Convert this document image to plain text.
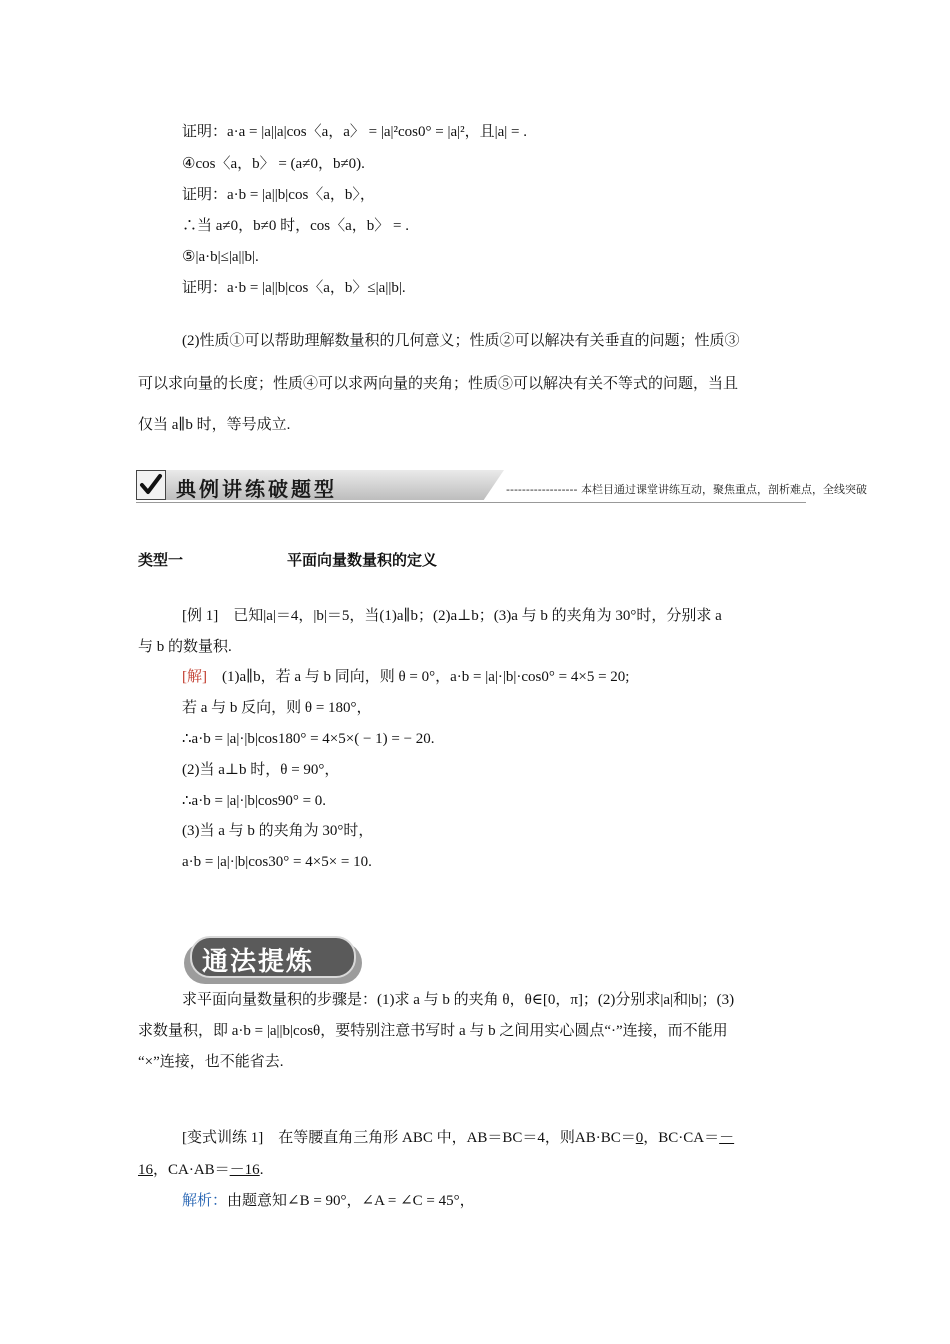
证明：a·a = |a||a|cos〈a，a〉 = |a|²cos0° = |a|²，且|a| = .
④cos〈a，b〉 = (a≠0，b≠0).
证明：a·b = |a||b|cos〈a，b〉，
∴当 a≠0，b≠0 时，cos〈a，b〉 = .
⑤|a·b|≤|a||b|.
证明：a·b = |a||b|cos〈a，b〉≤|a||b|.
(2)性质①可以帮助理解数量积的几何意义；性质②可以解决有关垂直的问题；性质③
可以求向量的长度；性质④可以求两向量的夹角；性质⑤可以解决有关不等式的问题，当且
仅当 a∥b 时，等号成立.
典例讲练破题型	------------------ 本栏目通过课堂讲练互动，聚焦重点，剖析难点，全线突破
类型一	平面向量数量积的定义
[例 1]　已知|a|＝4，|b|＝5，当(1)a∥b；(2)a⊥b；(3)a 与 b 的夹角为 30°时，分别求 a
与 b 的数量积.
[解]　(1)a∥b，若 a 与 b 同向，则 θ = 0°，a·b = |a|·|b|·cos0° = 4×5 = 20;
若 a 与 b 反向，则 θ = 180°，
∴a·b = |a|·|b|cos180° = 4×5×( − 1) = − 20.
(2)当 a⊥b 时，θ = 90°，
∴a·b = |a|·|b|cos90° = 0.
(3)当 a 与 b 的夹角为 30°时，
a·b = |a|·|b|cos30° = 4×5× = 10.
通法提炼
求平面向量数量积的步骤是：(1)求 a 与 b 的夹角 θ，θ∈[0，π]；(2)分别求|a|和|b|；(3)
求数量积，即 a·b = |a||b|cosθ，要特别注意书写时 a 与 b 之间用实心圆点“·”连接，而不能用
“×”连接，也不能省去.
[变式训练 1]　在等腰直角三角形 ABC 中，AB＝BC＝4，则AB·BC＝0，BC·CA＝－
16，CA·AB＝－16.
解析：由题意知∠B = 90°，∠A = ∠C = 45°，
